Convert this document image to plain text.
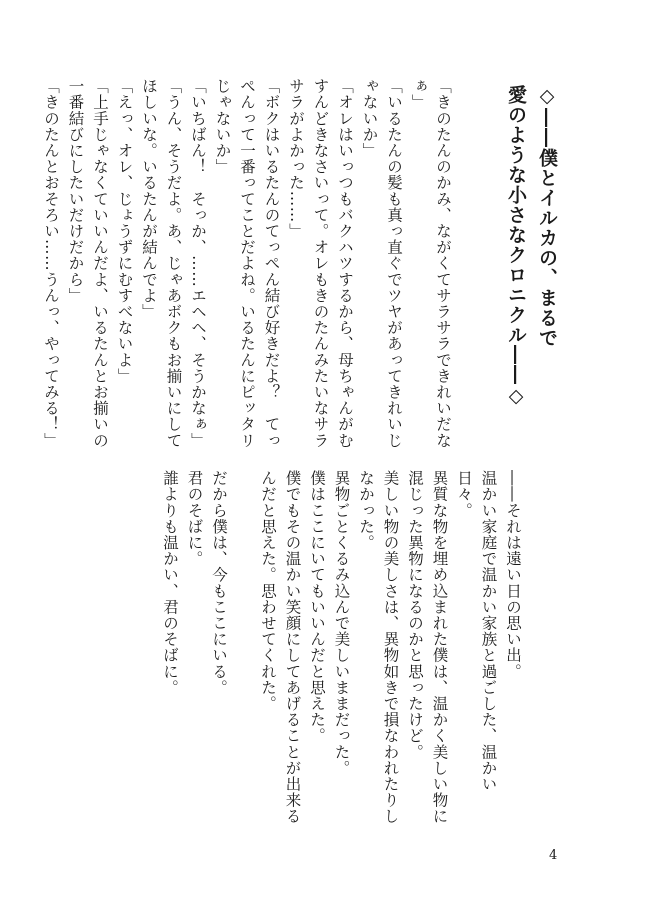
◇――僕とイルカの、まるで
愛のような小さなクロニクル――◇

「きのたんのかみ、ながくてサラサラできれいだなぁ」

「いるたんの髪も真っ直ぐでツヤがあってきれいじゃないか」

「オレはいっつもバクハツするから、母ちゃんがむすんどきなさいって。オレもきのたんみたいなサラサラがよかった……」

「ボクはいるたんのてっぺん結び好きだよ？　てっぺんって一番ってことだよね。いるたんにピッタリじゃないか」

「いちばん！　そっか、……エヘヘ、そうかなぁ」

「うん、そうだよ。あ、じゃあボクもお揃いにしてほしいな。いるたんが結んでよ」

「えっ、オレ、じょうずにむすべないよ」

「上手じゃなくていいんだよ、いるたんとお揃いの一番結びにしたいだけだから」

「きのたんとおそろい……うんっ、やってみる！」

――それは遠い日の思い出。

温かい家庭で温かい家族と過ごした、温かい日々。

異質な物を埋め込まれた僕は、温かく美しい物に混じった異物になるのかと思ったけど。

美しい物の美しさは、異物如きで損なわれたりしなかった。

異物ごとくるみ込んで美しいままだった。

僕はここにいてもいいんだと思えた。

僕でもその温かい笑顔にしてあげることが出来るんだと思えた。思わせてくれた。

だから僕は、今もここにいる。

君のそばに。

誰よりも温かい、君のそばに。

4
